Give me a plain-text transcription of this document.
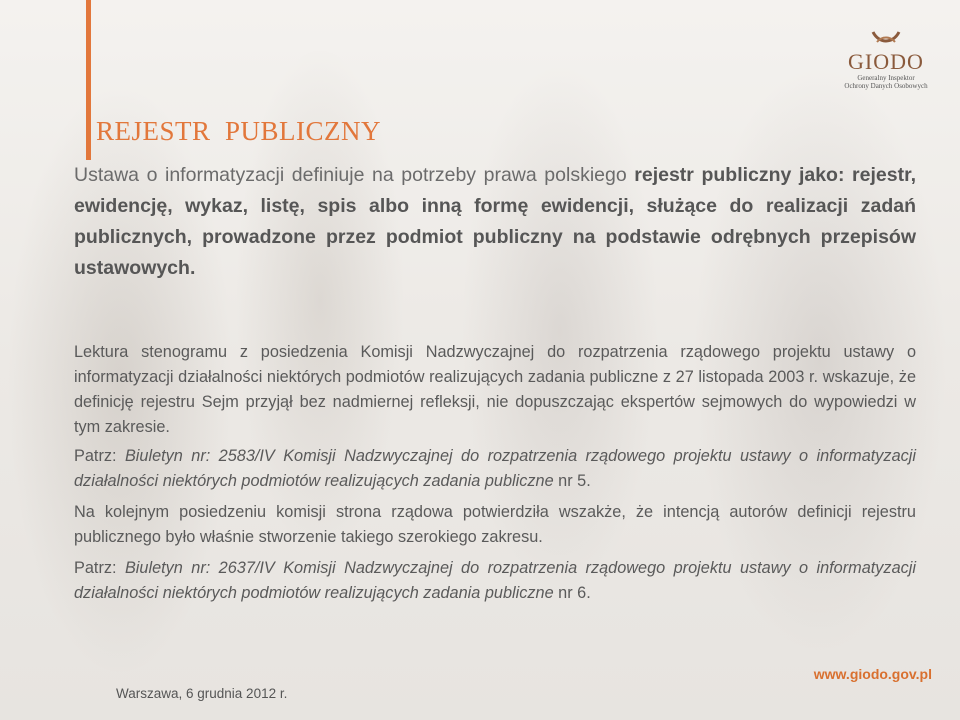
GIODO
Generalny Inspektor
Ochrony Danych Osobowych
REJESTR  PUBLICZNY
Ustawa o informatyzacji definiuje na potrzeby prawa polskiego rejestr publiczny jako: rejestr, ewidencję, wykaz, listę, spis albo inną formę ewidencji, służące do realizacji zadań publicznych, prowadzone przez podmiot publiczny na podstawie odrębnych przepisów ustawowych.

Lektura stenogramu z posiedzenia Komisji Nadzwyczajnej do rozpatrzenia rządowego projektu ustawy o informatyzacji działalności niektórych podmiotów realizujących zadania publiczne z 27 listopada 2003 r. wskazuje, że definicję rejestru Sejm przyjął bez nadmiernej refleksji, nie dopuszczając ekspertów sejmowych do wypowiedzi w tym zakresie.

Patrz: Biuletyn nr: 2583/IV Komisji Nadzwyczajnej do rozpatrzenia rządowego projektu ustawy o informatyzacji działalności niektórych podmiotów realizujących zadania publiczne nr 5.

Na kolejnym posiedzeniu komisji strona rządowa potwierdziła wszakże, że intencją autorów definicji rejestru publicznego było właśnie stworzenie takiego szerokiego zakresu.

Patrz: Biuletyn nr: 2637/IV Komisji Nadzwyczajnej do rozpatrzenia rządowego projektu ustawy o informatyzacji działalności niektórych podmiotów realizujących zadania publiczne nr 6.

Warszawa, 6 grudnia 2012 r.
www.giodo.gov.pl
